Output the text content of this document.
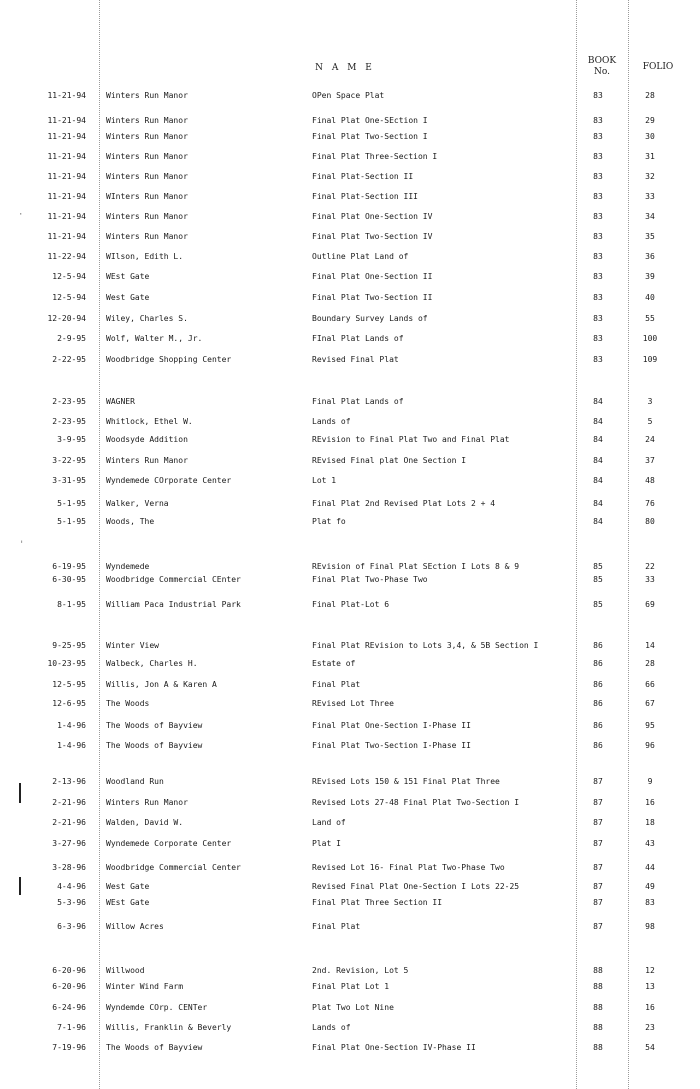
N A M E
BOOK
No.	FOLIO
11-21-94	Winters Run Manor	OPen Space Plat	83	28
11-21-94	Winters Run Manor	Final Plat One-SEction I	83	29
11-21-94	Winters Run Manor	Final Plat Two-Section I	83	30
11-21-94	Winters Run Manor	Final Plat Three-Section I	83	31
11-21-94	Winters Run Manor	Final Plat-Section II	83	32
11-21-94	WInters Run Manor	Final Plat-Section III	83	33
11-21-94	Winters Run Manor	Final Plat One-Section IV	83	34
11-21-94	Winters Run Manor	Final Plat Two-Section IV	83	35
11-22-94	WIlson, Edith L.	Outline Plat Land of	83	36
12-5-94	WEst Gate	Final Plat One-Section II	83	39
12-5-94	West Gate	Final Plat Two-Section II	83	40
12-20-94	Wiley, Charles S.	Boundary Survey Lands of	83	55
2-9-95	Wolf, Walter M., Jr.	FInal Plat Lands of	83	100
2-22-95	Woodbridge Shopping Center	Revised Final Plat	83	109
2-23-95	WAGNER	Final Plat Lands of	84	3
2-23-95	Whitlock, Ethel W.	Lands of	84	5
3-9-95	Woodsyde Addition	REvision to Final Plat Two and Final Plat	84	24
3-22-95	Winters Run Manor	REvised Final plat One Section I	84	37
3-31-95	Wyndemede COrporate Center	Lot 1	84	48
5-1-95	Walker, Verna	Final Plat 2nd Revised Plat Lots 2 + 4	84	76
5-1-95	Woods, The	Plat fo	84	80
6-19-95	Wyndemede	REvision of Final Plat SEction I Lots 8 & 9	85	22
6-30-95	Woodbridge Commercial CEnter	Final Plat Two-Phase Two	85	33
8-1-95	William Paca Industrial Park	Final Plat-Lot 6	85	69
9-25-95	Winter View	Final Plat REvision to Lots 3,4, & 5B Section I	86	14
10-23-95	Walbeck, Charles H.	Estate of	86	28
12-5-95	Willis, Jon A & Karen A	Final Plat	86	66
12-6-95	The Woods	REvised Lot Three	86	67
1-4-96	The Woods of Bayview	Final Plat One-Section I-Phase II	86	95
1-4-96	The Woods of Bayview	Final Plat Two-Section I-Phase II	86	96
2-13-96	Woodland Run	REvised Lots 150 & 151 Final Plat Three	87	9
2-21-96	Winters Run Manor	Revised Lots 27-48 Final Plat Two-Section I	87	16
2-21-96	Walden, David W.	Land of	87	18
3-27-96	Wyndemede Corporate Center	Plat I	87	43
3-28-96	Woodbridge Commercial Center	Revised Lot 16- Final Plat Two-Phase Two	87	44
4-4-96	West Gate	Revised Final Plat One-Section I Lots 22-25	87	49
5-3-96	WEst Gate	Final Plat Three Section II	87	83
6-3-96	Willow Acres	Final Plat	87	98
6-20-96	Willwood	2nd. Revision, Lot 5	88	12
6-20-96	Winter Wind Farm	Final Plat Lot 1	88	13
6-24-96	Wyndemde COrp. CENTer	Plat Two Lot Nine	88	16
7-1-96	Willis, Franklin & Beverly	Lands of	88	23
7-19-96	The Woods of Bayview	Final Plat One-Section IV-Phase II	88	54
·
'
